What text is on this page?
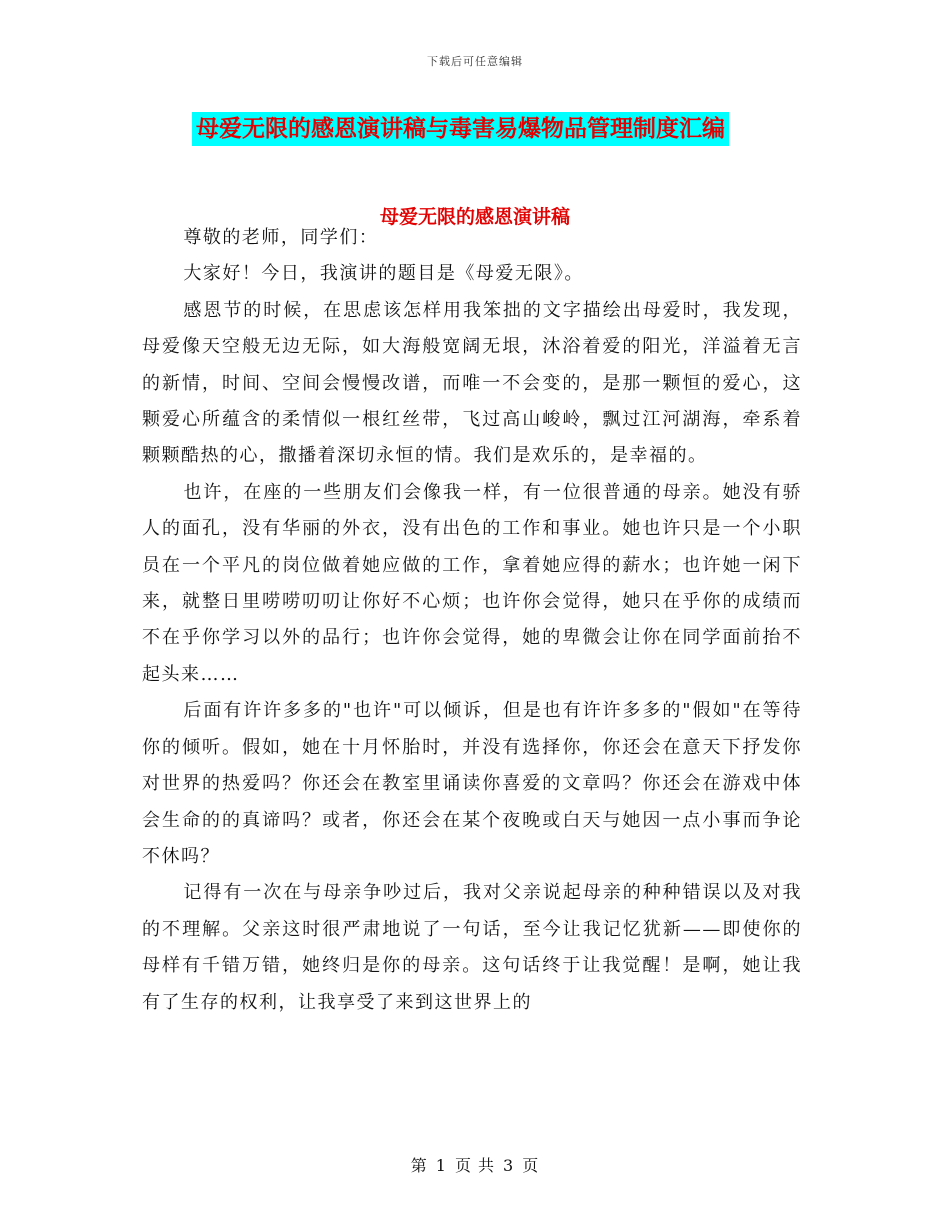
下载后可任意编辑
母爱无限的感恩演讲稿与毒害易爆物品管理制度汇编
母爱无限的感恩演讲稿

尊敬的老师，同学们：

大家好！今日，我演讲的题目是《母爱无限》。

感恩节的时候，在思虑该怎样用我笨拙的文字描绘出母爱时，我发现，母爱像天空般无边无际，如大海般宽阔无垠，沐浴着爱的阳光，洋溢着无言的新情，时间、空间会慢慢改谱，而唯一不会变的，是那一颗恒的爱心，这颗爱心所蕴含的柔情似一根红丝带，飞过高山峻岭，飘过江河湖海，牵系着颗颗酷热的心，撒播着深切永恒的情。我们是欢乐的，是幸福的。

也许，在座的一些朋友们会像我一样，有一位很普通的母亲。她没有骄人的面孔，没有华丽的外衣，没有出色的工作和事业。她也许只是一个小职员在一个平凡的岗位做着她应做的工作，拿着她应得的薪水；也许她一闲下来，就整日里唠唠叨叨让你好不心烦；也许你会觉得，她只在乎你的成绩而不在乎你学习以外的品行；也许你会觉得，她的卑微会让你在同学面前抬不起头来……

后面有许许多多的"也许"可以倾诉，但是也有许许多多的"假如"在等待你的倾听。假如，她在十月怀胎时，并没有选择你，你还会在意天下抒发你对世界的热爱吗？你还会在教室里诵读你喜爱的文章吗？你还会在游戏中体会生命的的真谛吗？或者，你还会在某个夜晚或白天与她因一点小事而争论不休吗？

记得有一次在与母亲争吵过后，我对父亲说起母亲的种种错误以及对我的不理解。父亲这时很严肃地说了一句话，至今让我记忆犹新——即使你的母样有千错万错，她终归是你的母亲。这句话终于让我觉醒！是啊，她让我有了生存的权利，让我享受了来到这世界上的

第 1 页 共 3 页
